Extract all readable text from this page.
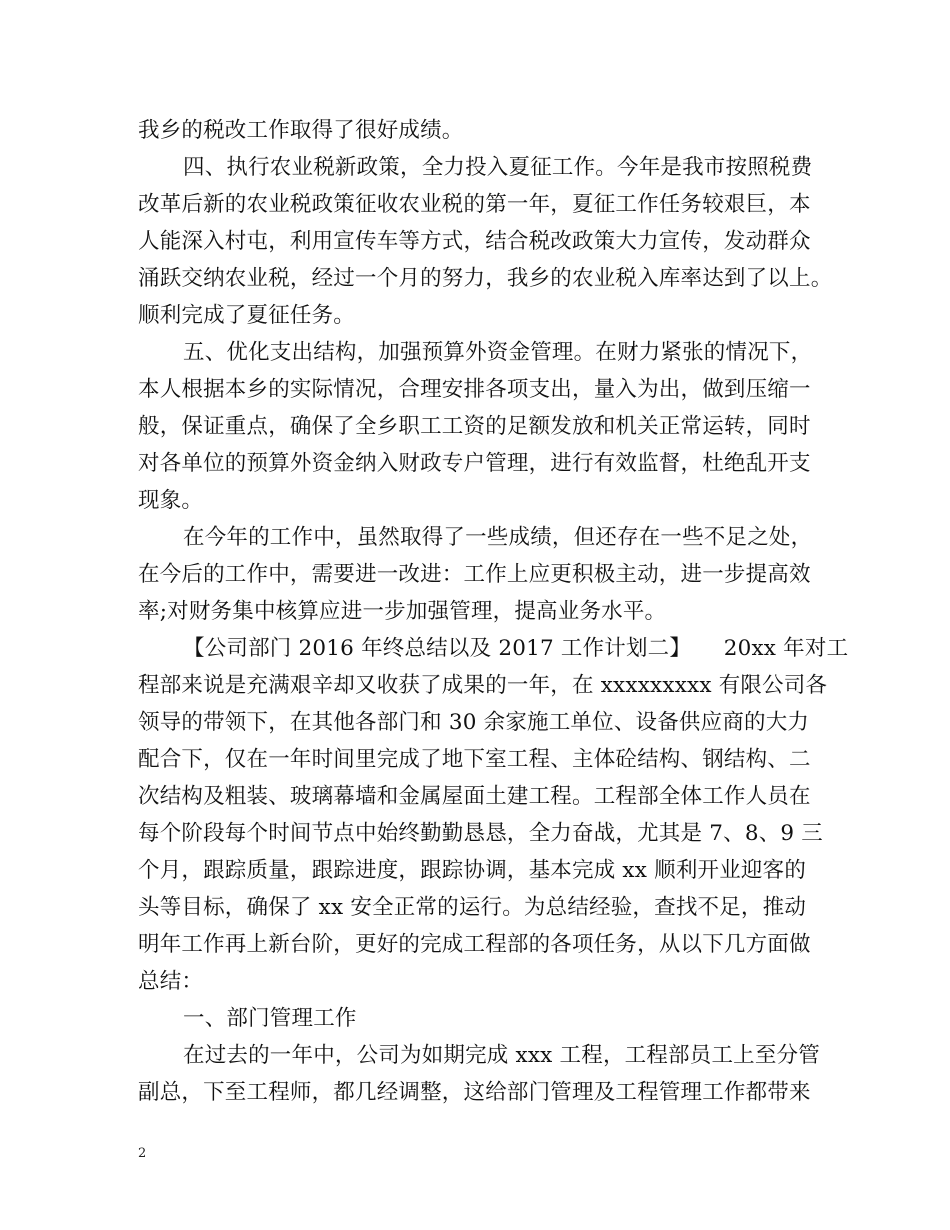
我乡的税改工作取得了很好成绩。
四、执行农业税新政策，全力投入夏征工作。今年是我市按照税费
改革后新的农业税政策征收农业税的第一年，夏征工作任务较艰巨，本
人能深入村屯，利用宣传车等方式，结合税改政策大力宣传，发动群众
涌跃交纳农业税，经过一个月的努力，我乡的农业税入库率达到了以上。
顺利完成了夏征任务。
五、优化支出结构，加强预算外资金管理。在财力紧张的情况下，
本人根据本乡的实际情况，合理安排各项支出，量入为出，做到压缩一
般，保证重点，确保了全乡职工工资的足额发放和机关正常运转，同时
对各单位的预算外资金纳入财政专户管理，进行有效监督，杜绝乱开支
现象。
在今年的工作中，虽然取得了一些成绩，但还存在一些不足之处，
在今后的工作中，需要进一改进：工作上应更积极主动，进一步提高效
率;对财务集中核算应进一步加强管理，提高业务水平。
【公司部门 2016 年终总结以及 2017 工作计划二】　　20xx 年对工
程部来说是充满艰辛却又收获了成果的一年，在 xxxxxxxxx 有限公司各
领导的带领下，在其他各部门和 30 余家施工单位、设备供应商的大力
配合下，仅在一年时间里完成了地下室工程、主体砼结构、钢结构、二
次结构及粗装、玻璃幕墙和金属屋面土建工程。工程部全体工作人员在
每个阶段每个时间节点中始终勤勤恳恳，全力奋战，尤其是 7、8、9 三
个月，跟踪质量，跟踪进度，跟踪协调，基本完成 xx 顺利开业迎客的
头等目标，确保了 xx 安全正常的运行。为总结经验，查找不足，推动
明年工作再上新台阶，更好的完成工程部的各项任务，从以下几方面做
总结：
一、部门管理工作
在过去的一年中，公司为如期完成 xxx 工程，工程部员工上至分管
副总，下至工程师，都几经调整，这给部门管理及工程管理工作都带来
2
